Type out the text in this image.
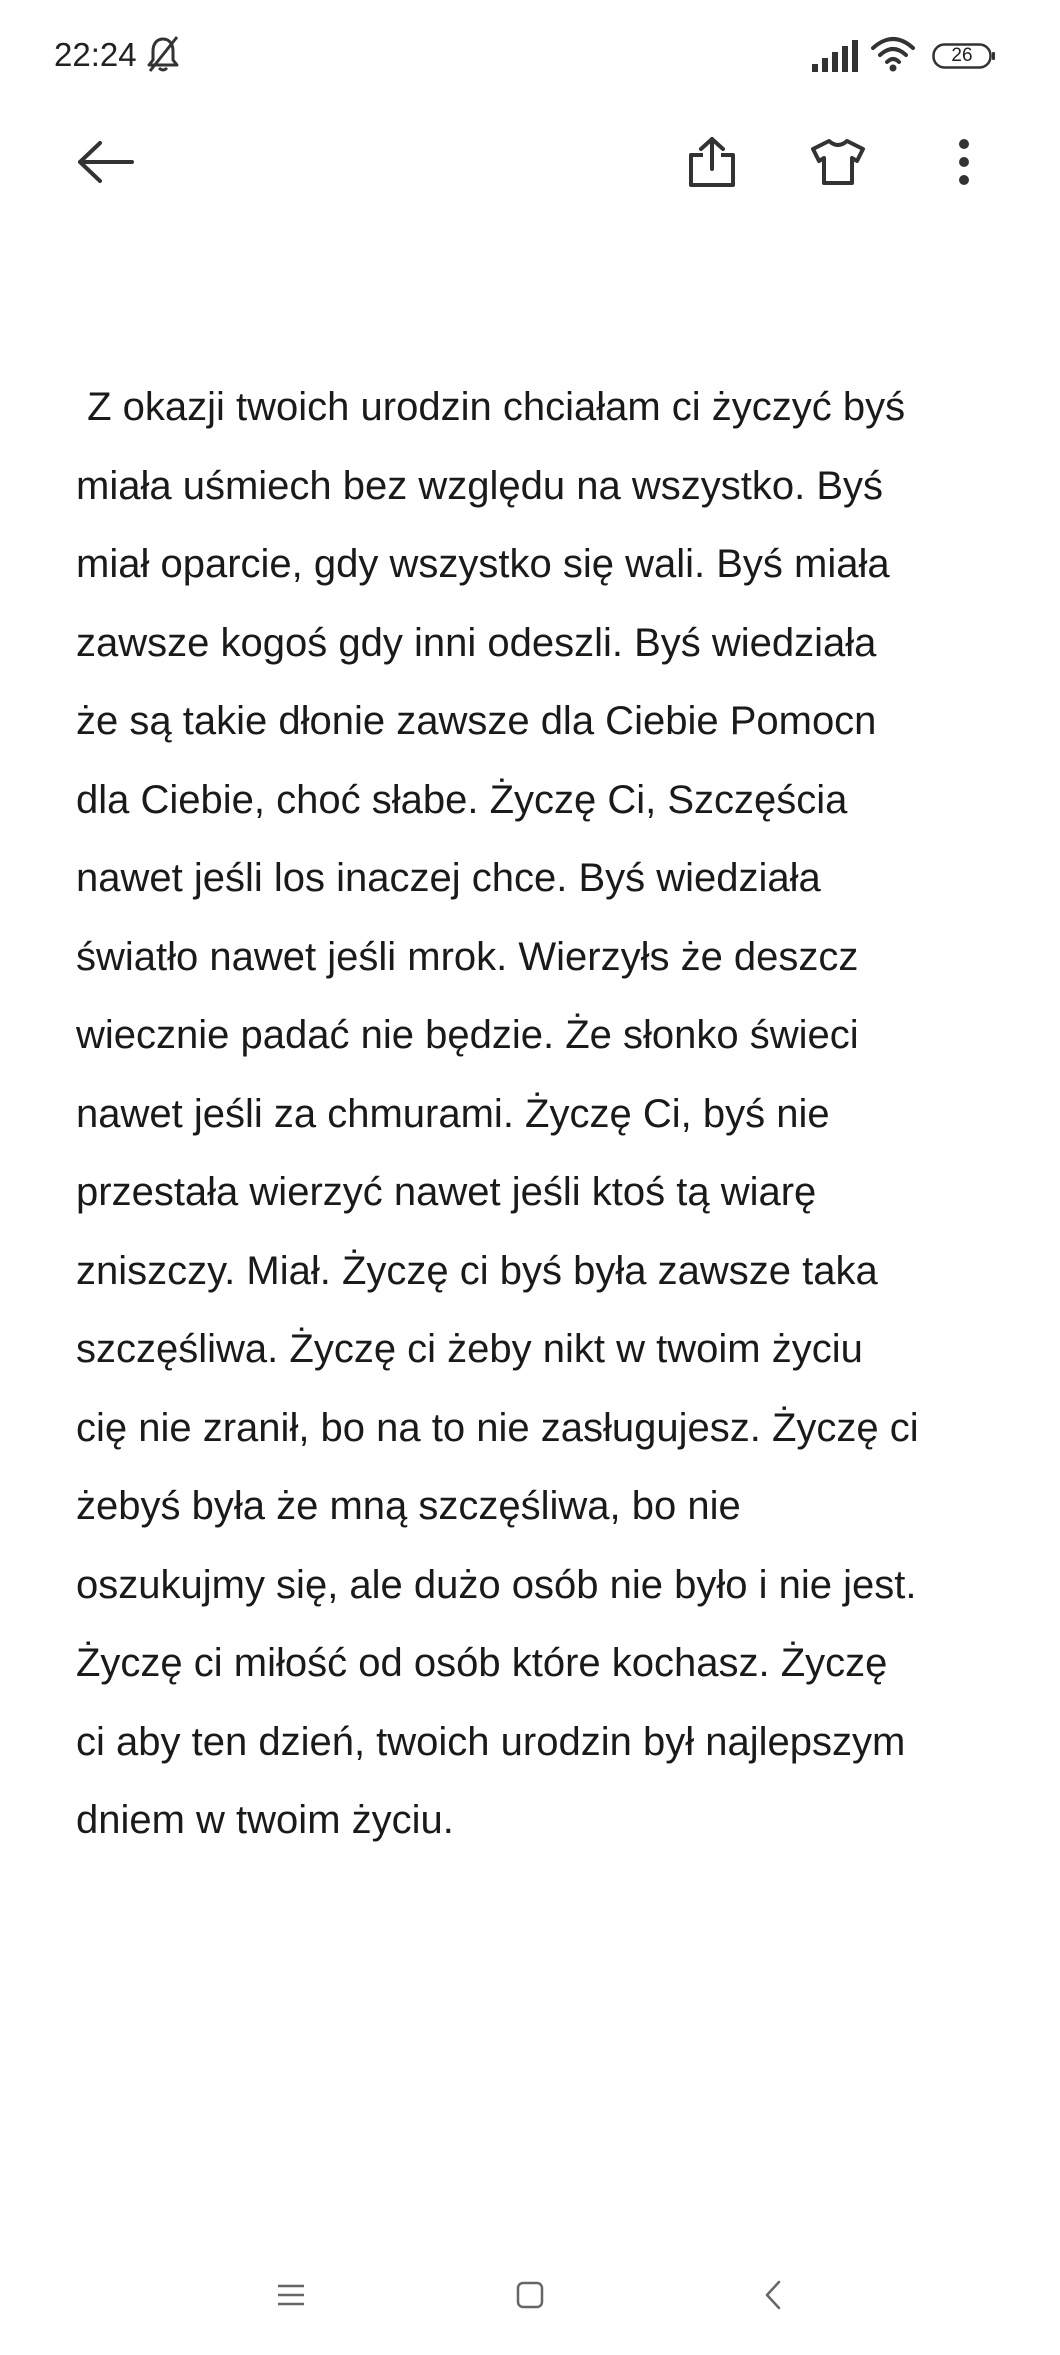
22:24	26
Z okazji twoich urodzin chciałam ci życzyć byś
miała uśmiech bez względu na wszystko. Byś
miał oparcie, gdy wszystko się wali. Byś miała
zawsze kogoś gdy inni odeszli. Byś wiedziała
że są takie dłonie zawsze dla Ciebie Pomocn
dla Ciebie, choć słabe. Życzę Ci, Szczęścia
nawet jeśli los inaczej chce. Byś wiedziała
światło nawet jeśli mrok. Wierzyłs że deszcz
wiecznie padać nie będzie. Że słonko świeci
nawet jeśli za chmurami. Życzę Ci, byś nie
przestała wierzyć nawet jeśli ktoś tą wiarę
zniszczy. Miał. Życzę ci byś była zawsze taka
szczęśliwa. Życzę ci żeby nikt w twoim życiu
cię nie zranił, bo na to nie zasługujesz. Życzę ci
żebyś była że mną szczęśliwa, bo nie
oszukujmy się, ale dużo osób nie było i nie jest.
Życzę ci miłość od osób które kochasz. Życzę
ci aby ten dzień, twoich urodzin był najlepszym
dniem w twoim życiu.
